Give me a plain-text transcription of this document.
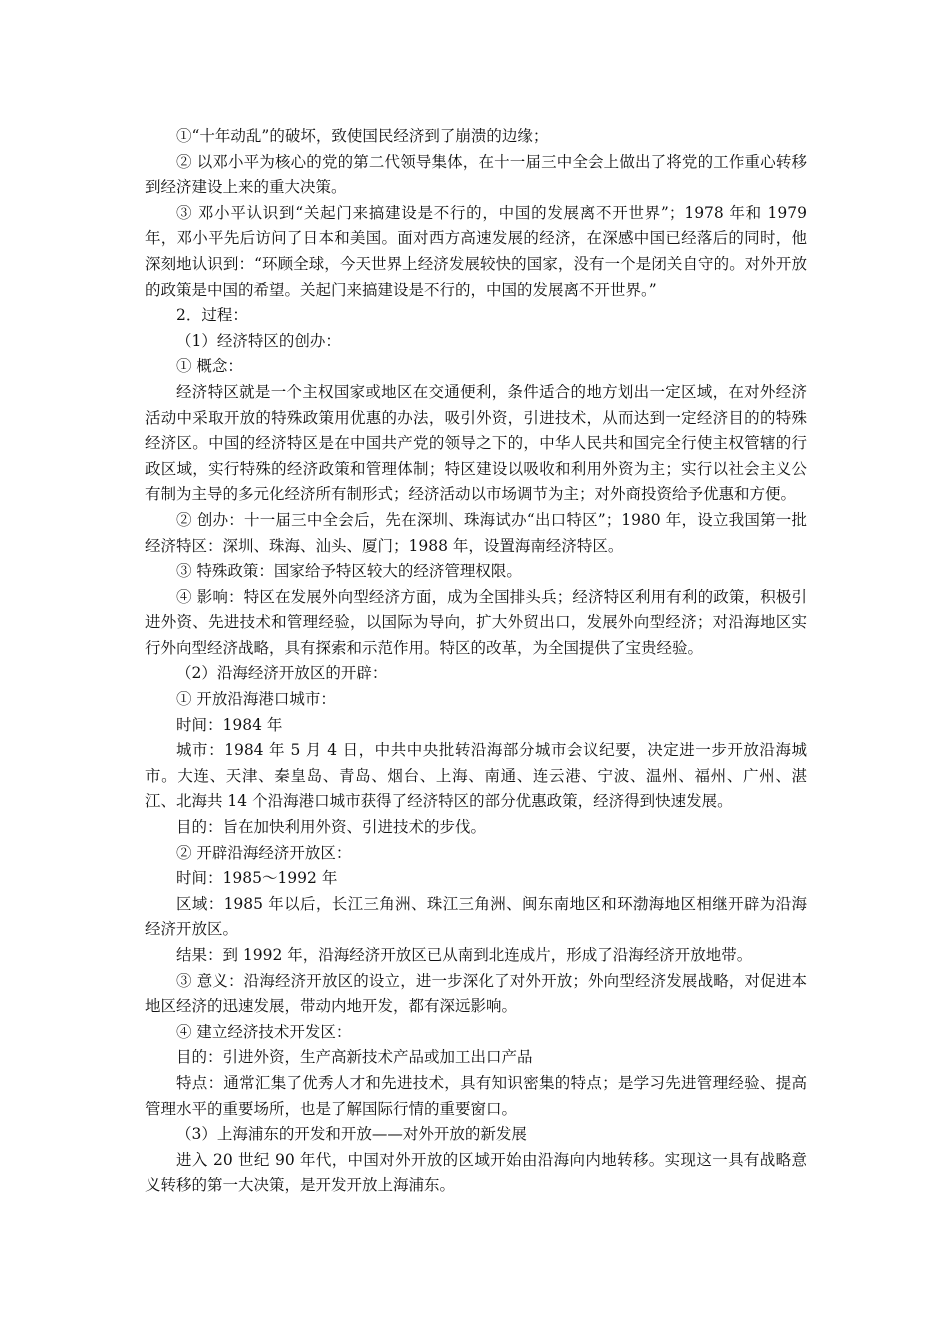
①“十年动乱”的破坏，致使国民经济到了崩溃的边缘；

② 以邓小平为核心的党的第二代领导集体，在十一届三中全会上做出了将党的工作重心转移到经济建设上来的重大决策。

③ 邓小平认识到“关起门来搞建设是不行的，中国的发展离不开世界”；1978 年和 1979 年，邓小平先后访问了日本和美国。面对西方高速发展的经济，在深感中国已经落后的同时，他深刻地认识到：“环顾全球，今天世界上经济发展较快的国家，没有一个是闭关自守的。对外开放的政策是中国的希望。关起门来搞建设是不行的，中国的发展离不开世界。”

2．过程：

（1）经济特区的创办：

① 概念：

经济特区就是一个主权国家或地区在交通便利，条件适合的地方划出一定区域，在对外经济活动中采取开放的特殊政策用优惠的办法，吸引外资，引进技术，从而达到一定经济目的的特殊经济区。中国的经济特区是在中国共产党的领导之下的，中华人民共和国完全行使主权管辖的行政区域，实行特殊的经济政策和管理体制；特区建设以吸收和利用外资为主；实行以社会主义公有制为主导的多元化经济所有制形式；经济活动以市场调节为主；对外商投资给予优惠和方便。

② 创办：十一届三中全会后，先在深圳、珠海试办“出口特区”；1980 年，设立我国第一批经济特区：深圳、珠海、汕头、厦门；1988 年，设置海南经济特区。

③ 特殊政策：国家给予特区较大的经济管理权限。

④ 影响：特区在发展外向型经济方面，成为全国排头兵；经济特区利用有利的政策，积极引进外资、先进技术和管理经验，以国际为导向，扩大外贸出口，发展外向型经济；对沿海地区实行外向型经济战略，具有探索和示范作用。特区的改革，为全国提供了宝贵经验。

（2）沿海经济开放区的开辟：

① 开放沿海港口城市：

时间：1984 年

城市：1984 年 5 月 4 日，中共中央批转沿海部分城市会议纪要，决定进一步开放沿海城市。大连、天津、秦皇岛、青岛、烟台、上海、南通、连云港、宁波、温州、福州、广州、湛江、北海共 14 个沿海港口城市获得了经济特区的部分优惠政策，经济得到快速发展。

目的：旨在加快利用外资、引进技术的步伐。

② 开辟沿海经济开放区：

时间：1985～1992 年

区域：1985 年以后，长江三角洲、珠江三角洲、闽东南地区和环渤海地区相继开辟为沿海经济开放区。

结果：到 1992 年，沿海经济开放区已从南到北连成片，形成了沿海经济开放地带。

③ 意义：沿海经济开放区的设立，进一步深化了对外开放；外向型经济发展战略，对促进本地区经济的迅速发展，带动内地开发，都有深远影响。

④ 建立经济技术开发区：

目的：引进外资，生产高新技术产品或加工出口产品

特点：通常汇集了优秀人才和先进技术，具有知识密集的特点；是学习先进管理经验、提高管理水平的重要场所，也是了解国际行情的重要窗口。

（3）上海浦东的开发和开放——对外开放的新发展

进入 20 世纪 90 年代，中国对外开放的区域开始由沿海向内地转移。实现这一具有战略意义转移的第一大决策，是开发开放上海浦东。
